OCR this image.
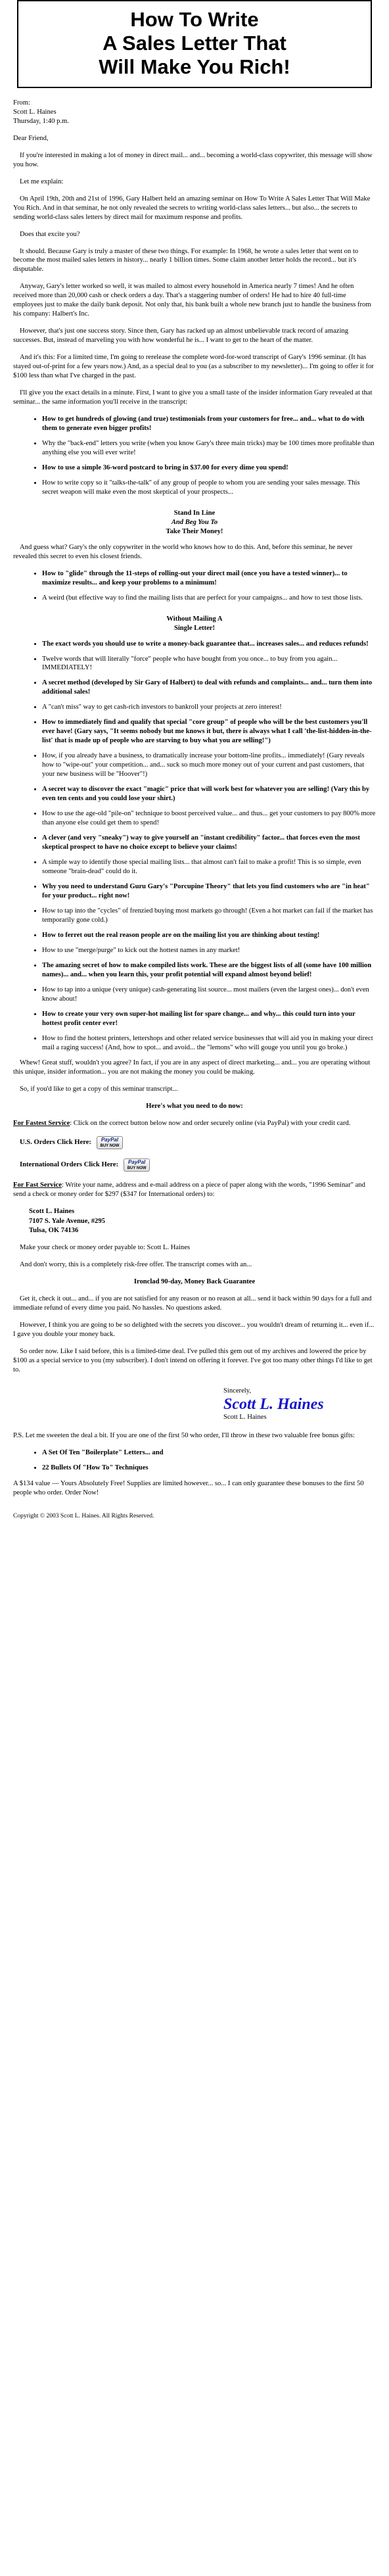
How To Write
A Sales Letter That
Will Make You Rich!

From:
Scott L. Haines
Thursday, 1:40 p.m.

Dear Friend,

If you're interested in making a lot of money in direct mail... and... becoming a world-class copywriter, this message will show you how.

Let me explain:

On April 19th, 20th and 21st of 1996, Gary Halbert held an amazing seminar on How To Write A Sales Letter That Will Make You Rich. And in that seminar, he not only revealed the secrets to writing world-class sales letters... but also... the secrets to sending world-class sales letters by direct mail for maximum response and profits.

Does that excite you?

It should. Because Gary is truly a master of these two things. For example: In 1968, he wrote a sales letter that went on to become the most mailed sales letters in history... nearly 1 billion times. Some claim another letter holds the record... but it's disputable.

Anyway, Gary's letter worked so well, it was mailed to almost every household in America nearly 7 times! And he often received more than 20,000 cash or check orders a day. That's a staggering number of orders! He had to hire 40 full-time employees just to make the daily bank deposit. Not only that, his bank built a whole new branch just to handle the business from his company: Halbert's Inc.

However, that's just one success story. Since then, Gary has racked up an almost unbelievable track record of amazing successes. But, instead of marveling you with how wonderful he is... I want to get to the heart of the matter.

And it's this: For a limited time, I'm going to rerelease the complete word-for-word transcript of Gary's 1996 seminar. (It has stayed out-of-print for a few years now.) And, as a special deal to you (as a subscriber to my newsletter)... I'm going to offer it for $100 less than what I've charged in the past.

I'll give you the exact details in a minute. First, I want to give you a small taste of the insider information Gary revealed at that seminar... the same information you'll receive in the transcript:

• How to get hundreds of glowing (and true) testimonials from your customers for free... and... what to do with them to generate even bigger profits!
• Why the "back-end" letters you write (when you know Gary's three main tricks) may be 100 times more profitable than anything else you will ever write!
• How to use a simple 36-word postcard to bring in $37.00 for every dime you spend!
• How to write copy so it "talks-the-talk" of any group of people to whom you are sending your sales message. This secret weapon will make even the most skeptical of your prospects...
Stand In Line
And Beg You To
Take Their Money!

And guess what? Gary's the only copywriter in the world who knows how to do this. And, before this seminar, he never revealed this secret to even his closest friends.

• How to "glide" through the 11-steps of rolling-out your direct mail (once you have a tested winner)... to maximize results... and keep your problems to a minimum!
• A weird (but effective way to find the mailing lists that are perfect for your campaigns... and how to test those lists.
Without Mailing A
Single Letter!
• The exact words you should use to write a money-back guarantee that... increases sales... and reduces refunds!
• Twelve words that will literally "force" people who have bought from you once... to buy from you again... IMMEDIATELY!
• A secret method (developed by Sir Gary of Halbert) to deal with refunds and complaints... and... turn them into additional sales!
• A "can't miss" way to get cash-rich investors to bankroll your projects at zero interest!
• How to immediately find and qualify that special "core group" of people who will be the best customers you'll ever have! (Gary says, "It seems nobody but me knows it but, there is always what I call 'the-list-hidden-in-the-list' that is made up of people who are starving to buy what you are selling!")
• How, if you already have a business, to dramatically increase your bottom-line profits... immediately! (Gary reveals how to "wipe-out" your competition... and... suck so much more money out of your current and past customers, that your new business will be "Hoover"!)
• A secret way to discover the exact "magic" price that will work best for whatever you are selling! (Vary this by even ten cents and you could lose your shirt.)
• How to use the age-old "pile-on" technique to boost perceived value... and thus... get your customers to pay 800% more than anyone else could get them to spend!
• A clever (and very "sneaky") way to give yourself an "instant credibility" factor... that forces even the most skeptical prospect to have no choice except to believe your claims!
• A simple way to identify those special mailing lists... that almost can't fail to make a profit! This is so simple, even someone "brain-dead" could do it.
• Why you need to understand Guru Gary's "Porcupine Theory" that lets you find customers who are "in heat" for your product... right now!
• How to tap into the "cycles" of frenzied buying most markets go through! (Even a hot market can fail if the market has temporarily gone cold.)
• How to ferret out the real reason people are on the mailing list you are thinking about testing!
• How to use "merge/purge" to kick out the hottest names in any market!
• The amazing secret of how to make compiled lists work. These are the biggest lists of all (some have 100 million names)... and... when you learn this, your profit potential will expand almost beyond belief!
• How to tap into a unique (very unique) cash-generating list source... most mailers (even the largest ones)... don't even know about!
• How to create your very own super-hot mailing list for spare change... and why... this could turn into your hottest profit center ever!
• How to find the hottest printers, lettershops and other related service businesses that will aid you in making your direct mail a raging success! (And, how to spot... and avoid... the "lemons" who will gouge you until you go broke.)

Whew! Great stuff, wouldn't you agree? In fact, if you are in any aspect of direct marketing... and... you are operating without this unique, insider information... you are not making the money you could be making.

So, if you'd like to get a copy of this seminar transcript...

Here's what you need to do now:

For Fastest Service: Click on the correct button below now and order securely online (via PayPal) with your credit card.

U.S. Orders Click Here:	PayPal
BUY NOW
International Orders Click Here:	PayPal
BUY NOW

For Fast Service: Write your name, address and e-mail address on a piece of paper along with the words, "1996 Seminar" and send a check or money order for $297 ($347 for International orders) to:

Scott L. Haines
7107 S. Yale Avenue, #295
Tulsa, OK 74136

Make your check or money order payable to: Scott L. Haines

And don't worry, this is a completely risk-free offer. The transcript comes with an...

Ironclad 90-day, Money Back Guarantee

Get it, check it out... and... if you are not satisfied for any reason or no reason at all... send it back within 90 days for a full and immediate refund of every dime you paid. No hassles. No questions asked.

However, I think you are going to be so delighted with the secrets you discover... you wouldn't dream of returning it... even if... I gave you double your money back.

So order now. Like I said before, this is a limited-time deal. I've pulled this gem out of my archives and lowered the price by $100 as a special service to you (my subscriber). I don't intend on offering it forever. I've got too many other things I'd like to get to.

Sincerely,
Scott L. Haines
Scott L. Haines

P.S. Let me sweeten the deal a bit. If you are one of the first 50 who order, I'll throw in these two valuable free bonus gifts:

• A Set Of Ten "Boilerplate" Letters... and
• 22 Bullets Of "How To" Techniques

A $134 value — Yours Absolutely Free! Supplies are limited however... so... I can only guarantee these bonuses to the first 50 people who order. Order Now!

Copyright © 2003 Scott L. Haines. All Rights Reserved.
